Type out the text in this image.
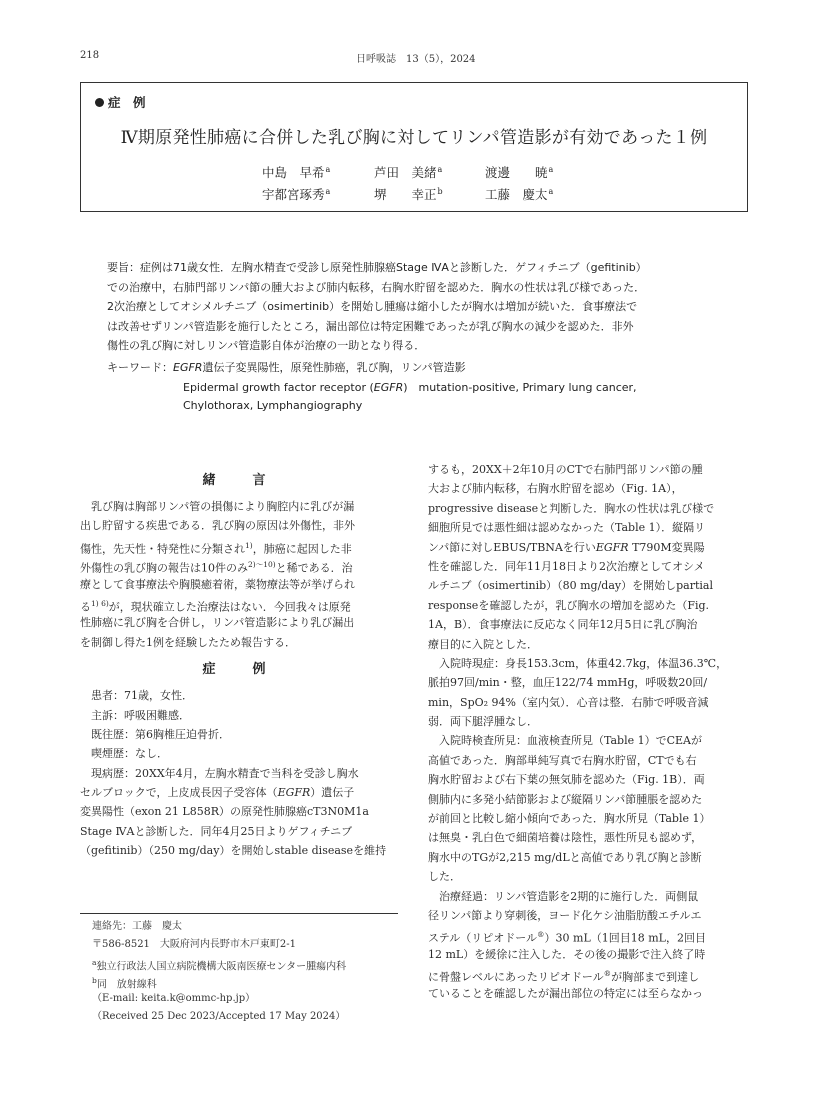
218	日呼吸誌　13（5），2024
症　例
Ⅳ期原発性肺癌に合併した乳び胸に対してリンパ管造影が有効であった１例
中島　早希$^a$	芦田　美緒$^a$	渡邊　　暁$^a$
宇都宮琢秀$^a$	堺　　幸正$^b$	工藤　慶太$^a$
要旨：症例は71歳女性．左胸水精査で受診し原発性肺腺癌Stage ⅣAと診断した．ゲフィチニブ（gefitinib）
での治療中，右肺門部リンパ節の腫大および肺内転移，右胸水貯留を認めた．胸水の性状は乳び様であった．
2次治療としてオシメルチニブ（osimertinib）を開始し腫瘍は縮小したが胸水は増加が続いた．食事療法で
は改善せずリンパ管造影を施行したところ，漏出部位は特定困難であったが乳び胸水の減少を認めた．非外
傷性の乳び胸に対しリンパ管造影自体が治療の一助となり得る．
キーワード：EGFR遺伝子変異陽性，原発性肺癌，乳び胸，リンパ管造影
Epidermal growth factor receptor (EGFR)　mutation-positive, Primary lung cancer,
Chylothorax, Lymphangiography
緒　言
　乳び胸は胸部リンパ管の損傷により胸腔内に乳びが漏
出し貯留する疾患である．乳び胸の原因は外傷性，非外
傷性，先天性・特発性に分類され$^{1)}$，肺癌に起因した非
外傷性の乳び胸の報告は10件のみ$^{2)\sim 10)}$と稀である．治
療として食事療法や胸膜癒着術，薬物療法等が挙げられ
る$^{1) 6)}$が，現状確立した治療法はない．今回我々は原発
性肺癌に乳び胸を合併し，リンパ管造影により乳び漏出
を制御し得た1例を経験したため報告する．
症　例
　患者：71歳，女性．
　主訴：呼吸困難感．
　既往歴：第6胸椎圧迫骨折．
　喫煙歴：なし．
　現病歴：20XX年4月，左胸水精査で当科を受診し胸水
セルブロックで，上皮成長因子受容体（EGFR）遺伝子
変異陽性（exon 21 L858R）の原発性肺腺癌cT3N0M1a
Stage ⅣAと診断した．同年4月25日よりゲフィチニブ
（gefitinib）（250 mg/day）を開始しstable diseaseを維持
連絡先：工藤　慶太
〒586-8521　大阪府河内長野市木戸東町2-1
$^a$独立行政法人国立病院機構大阪南医療センター腫瘍内科
$^b$同　放射線科
（E-mail: keita.k@ommc-hp.jp）
（Received 25 Dec 2023/Accepted 17 May 2024）
するも，20XX＋2年10月のCTで右肺門部リンパ節の腫
大および肺内転移，右胸水貯留を認め（Fig. 1A），
progressive diseaseと判断した．胸水の性状は乳び様で
細胞所見では悪性細は認めなかった（Table 1）．縦隔リ
ンパ節に対しEBUS/TBNAを行いEGFR T790M変異陽
性を確認した．同年11月18日より2次治療としてオシメ
ルチニブ（osimertinib）（80 mg/day）を開始しpartial
responseを確認したが，乳び胸水の増加を認めた（Fig.
1A，B）．食事療法に反応なく同年12月5日に乳び胸治
療目的に入院とした．
　入院時現症：身長153.3cm，体重42.7kg，体温36.3℃，
脈拍97回/min・整，血圧122/74 mmHg，呼吸数20回/
min，SpO₂ 94%（室内気）．心音は整．右肺で呼吸音減
弱．両下腿浮腫なし．
　入院時検査所見：血液検査所見（Table 1）でCEAが
高値であった．胸部単純写真で右胸水貯留，CTでも右
胸水貯留および右下葉の無気肺を認めた（Fig. 1B）．両
側肺内に多発小結節影および縦隔リンパ節腫脹を認めた
が前回と比較し縮小傾向であった．胸水所見（Table 1）
は無臭・乳白色で細菌培養は陰性，悪性所見も認めず，
胸水中のTGが2,215 mg/dLと高値であり乳び胸と診断
した．
　治療経過：リンパ管造影を2期的に施行した．両側鼠
径リンパ節より穿刺後，ヨード化ケシ油脂肪酸エチルエ
ステル（リピオドール®）30 mL（1回目18 mL，2回目
12 mL）を緩徐に注入した．その後の撮影で注入終了時
に骨盤レベルにあったリピオドール®が胸部まで到達し
ていることを確認したが漏出部位の特定には至らなかっ
